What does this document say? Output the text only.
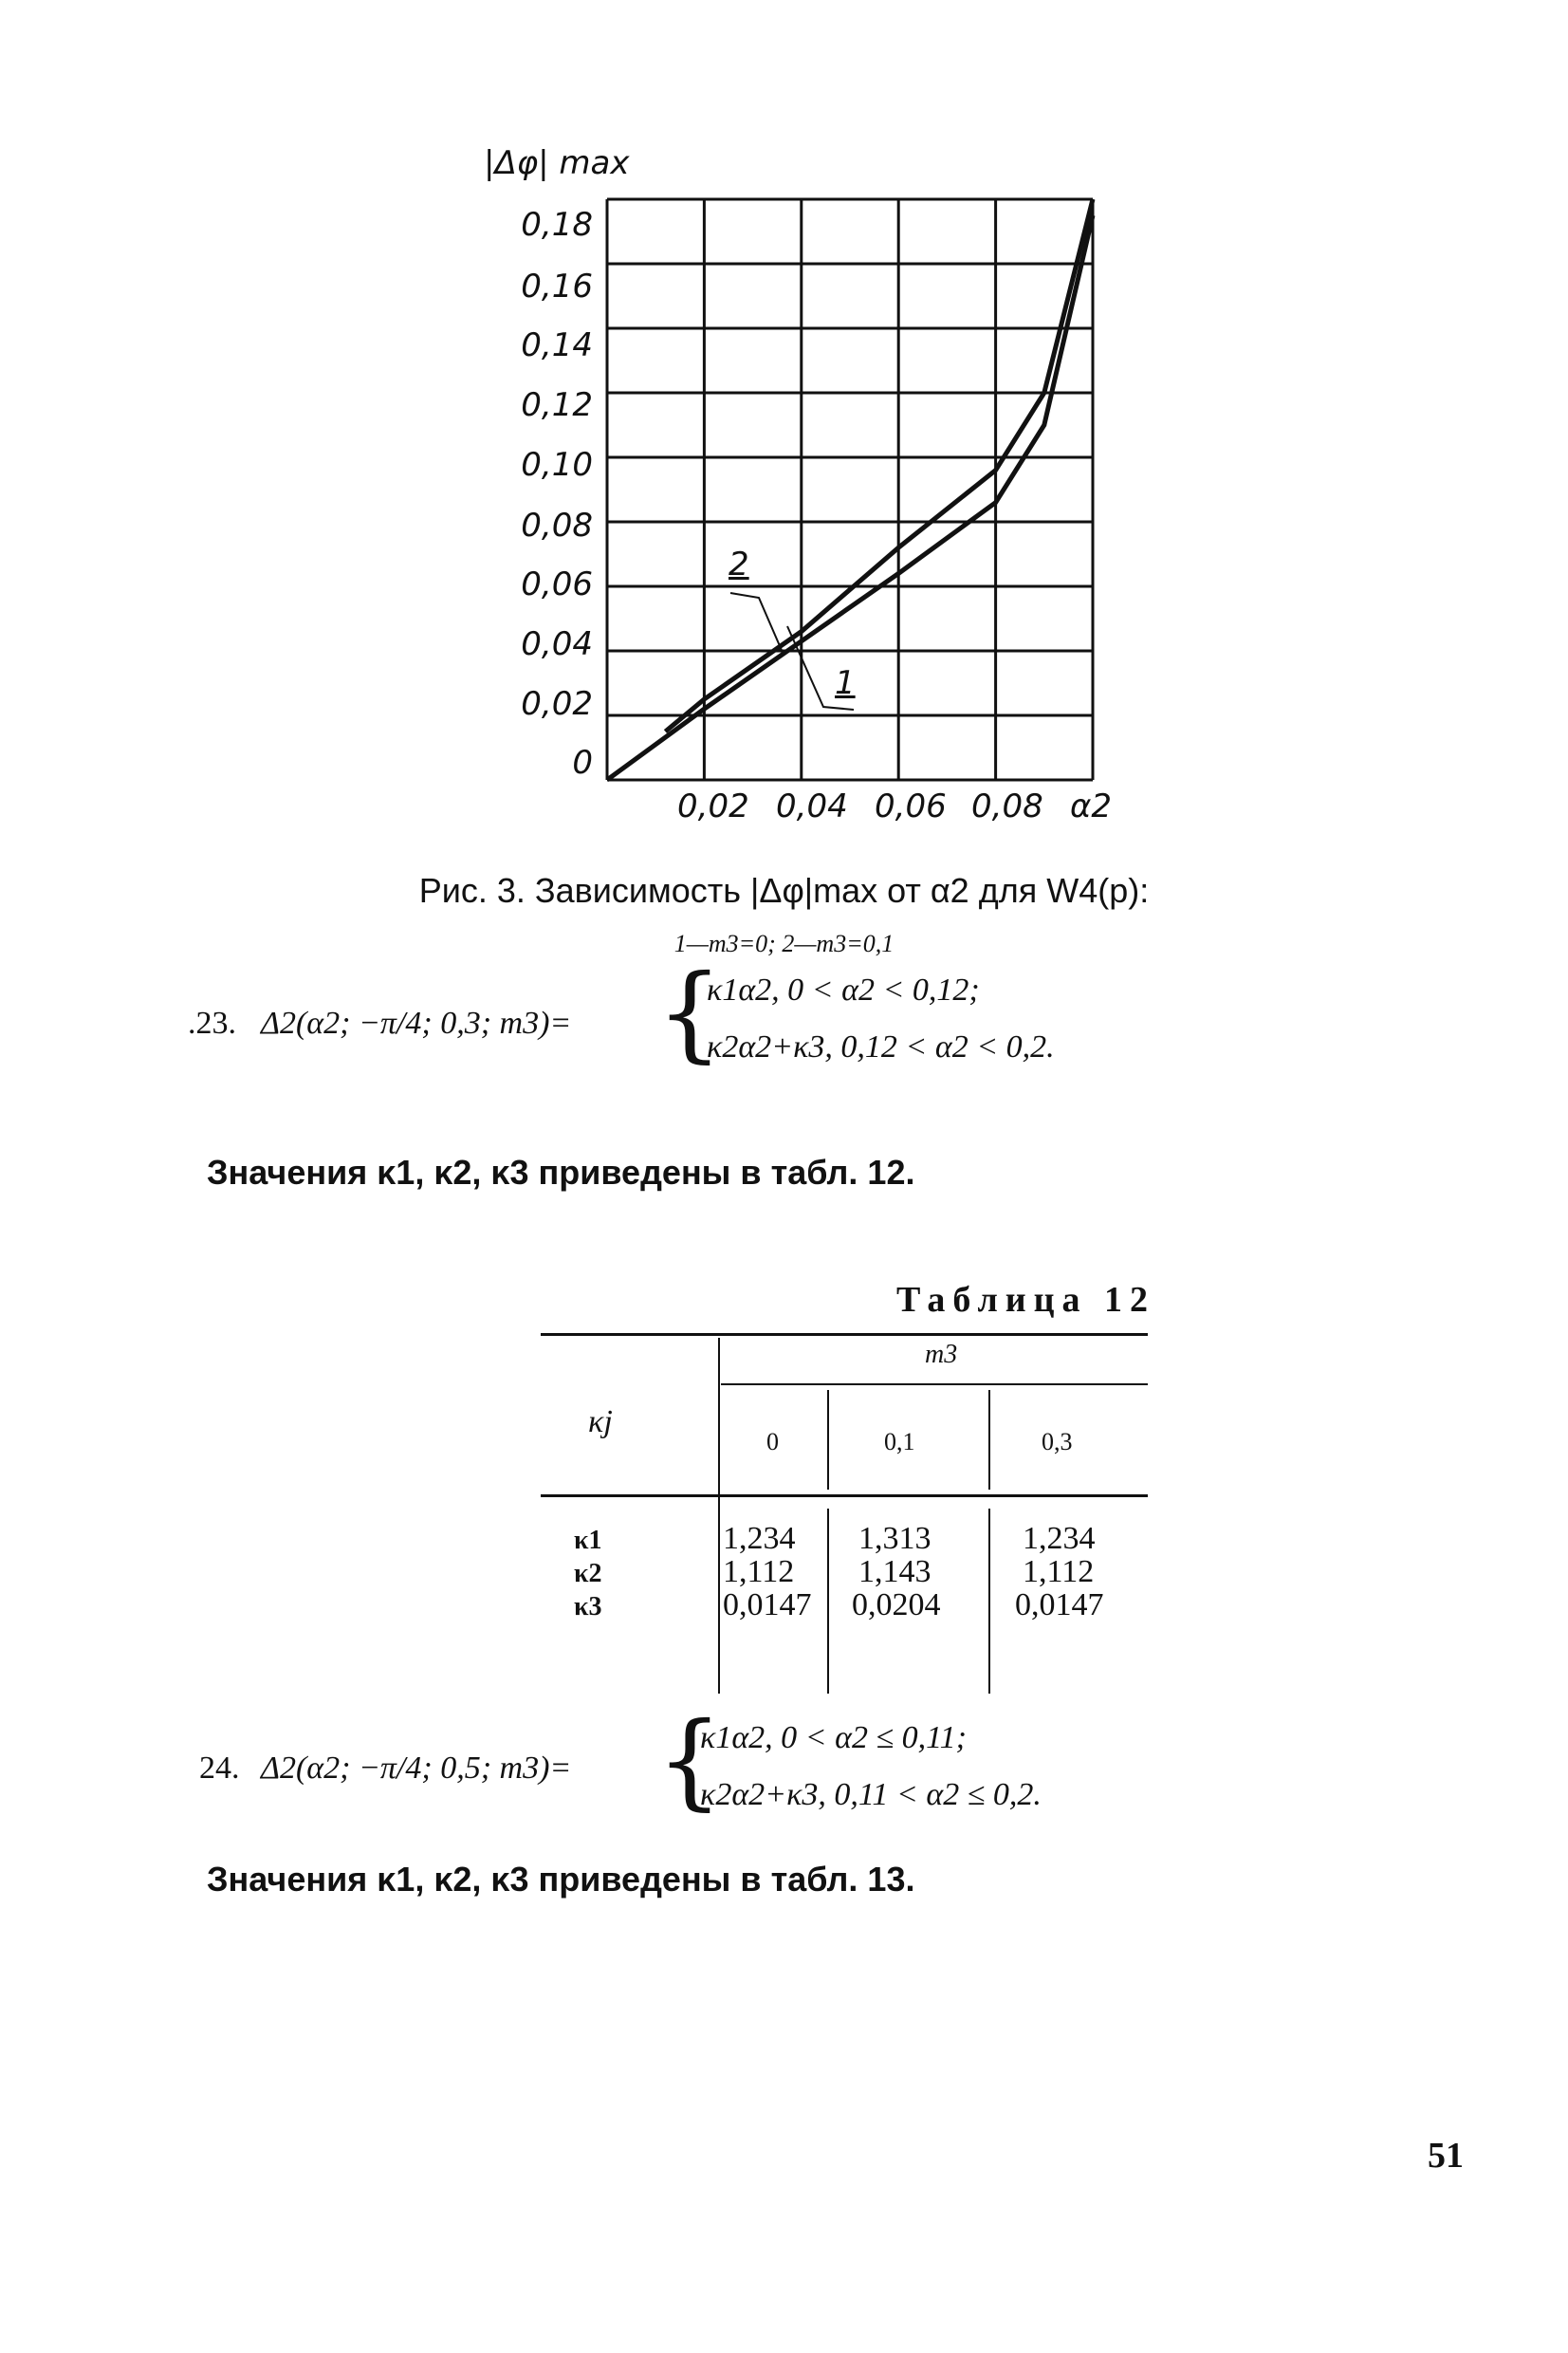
|Δφ| max
0,18
0,16
0,14
0,12
0,10
0,08
0,06
0,04
0,02
0
0,02 0,04 0,06 0,08 α2
2
1
Рис. 3. Зависимость |Δφ|max от α2 для W4(p):
1—m3=0; 2—m3=0,1
.23. Δ2(α2; −π/4; 0,3; m3)= {
κ1α2, 0 < α2 < 0,12;
κ2α2+κ3, 0,12 < α2 < 0,2.
Значения κ1, κ2, κ3 приведены в табл. 12.
Таблица 12
κj
m3
0	0,1	0,3
κ1
κ2
κ3
1,234
1,112
0,0147
1,313
1,143
0,0204
1,234
1,112
0,0147
24. Δ2(α2; −π/4; 0,5; m3)= {
κ1α2, 0 < α2 ≤ 0,11;
κ2α2+κ3, 0,11 < α2 ≤ 0,2.
Значения κ1, κ2, κ3 приведены в табл. 13.
51
